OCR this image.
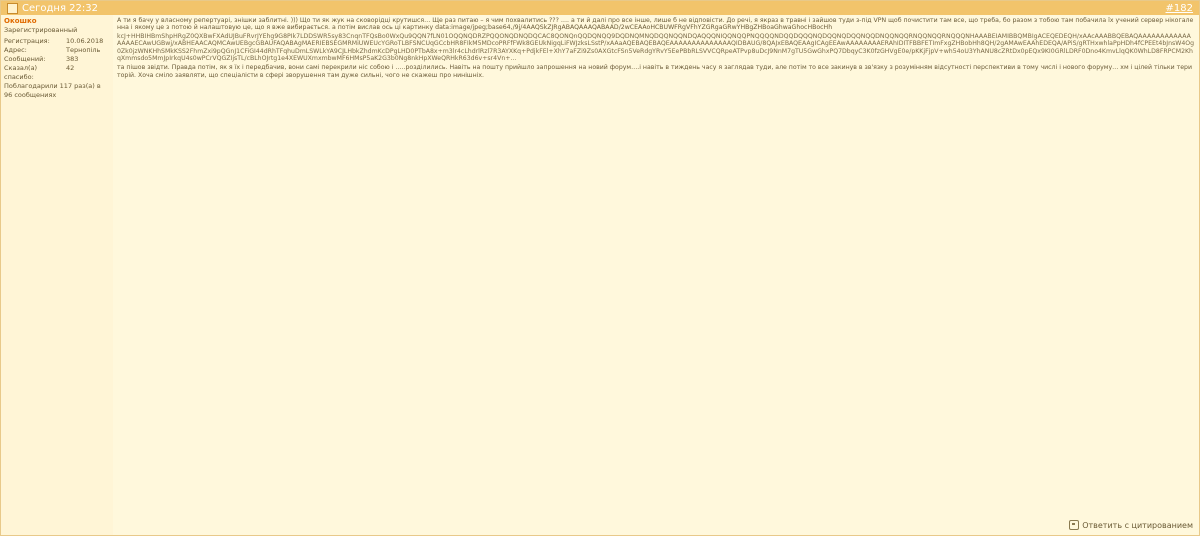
Сегодня 22:32	#182
Окошко
Зарегистрированный
Регистрация:	10.06.2018
Адрес:	Тернопіль
Сообщений:	383
Сказал(а) спасибо:
42
Поблагодарили 117 раз(а) в 96 сообщениях
А ти я бачу у власному репертуарі, знішки заблитні. ))) Що ти як жук на сковорідці крутишся… Ще раз питаю – я чим похвалитись ??? …. а ти й далі про все інше, лише б не відповісти. До речі, я якраз в травні і зайшов туди з-під VPN щоб почистити там все, що треба, бо разом з тобою там побачила їх учений сервер нікогаленна і якому це з потою й налаштовую це, що я вже вибирається. а потім вислав ось ці картинку data:image/jpeg;base64,/9j/4AAQSkZJRgABAQAAAQABAAD/2wCEAAoHCBUWFRgVFhYZGRgaGRwYHBgZHBoaGhwaGhocHBocHh
kcJ+HHBIHBmShpHRgZ0QXBwFXAdUJBuFRvrJYEhg9G8PIk7LDDSWR5sy83CnqnTFQsBo0WxQu9QQN7fLN01OQQNQDRZPQQONQDNQDQCAC8QONQnQQDQNQQ9DQDNQMNQDQQNQQNDQAQQQNIQQNQQPNQQQQNDQQDQQQNQDQQNQDQQNQQDNQQNQQRNQQNQQRNQQQNHAAABEIAMIBBQMBIgACEQEDEQH/xAAcAAABBQEBAQAAAAAAAAAAAAAAAAECAwUGBwj/xABHEAACAQMCAwUEBgcGBAUFAQABAgMAERIEBSEGMRMiUWEUcYGRoTLBFSNCUqGCcbHR8FIkM5MDcoPRFfFWk8GEUkNigqLiFWJzksLSstP/xAAaAQEBAQEBAQEAAAAAAAAAAAAAAQIDBAUG/8QAJxEBAQEAAgICAgEEAwAAAAAAAAERAhIDITFBBFETImFxgZHBobHh8QH/2gAMAwEAAhEDEQA/APiS/gRTHxwhlaPpHDh4fCPEEt4bJnsW4Og0Zk0jzWNKHhSMkKSS2FhmZxi9pQGnJ1CFiGI44dRhTFqhuDmLSWLkYA9CJLHbkZhdmKcDPgLHD0PTbA8x+m3lr4cLhdrlRzl7R3AYXKq+PdjkFEl+XhY7aFZi9Zs0AXGtcFSn5VeRdgYRvY5EePBbRLSVVCQRpeATPvp8uDcJ9NnM7gTU5GwGhxPQ7DbqyC3K0fzGHVgE0e/pKKjFjpV+wh54oU3YhANU8cZRtDx0pEQx9KI0GRlLDRF0Dno4KmvLlqQK0WhLD8FRPCM2KhqXmmsdo5MmJpIrkqU4s0wPCrVQGZIjsTL/cBLhOJrtg1e4XEWUXmxmbwMF6HMsP5aK2G3b0Ng8nkHpXWeQRHkR63d6v+sr4Vn+...
та пішов звідти. Правда потім, як я їх і передбачив, вони самі перекрили ніс собою і …..розділились. Навіть на пошту прийшло запрошення на новий форум….і навіть в тиждень часу я заглядав туди, але потім то все закинув в зв'язку з розумінням відсутності перспективи в тому числі і нового форуму… хм і цілей тільки територій. Хоча сміло заявляти, що спеціалісти в сфері зворушення там дуже сильні, чого не скажеш про нинішніх.
Ответить с цитированием
